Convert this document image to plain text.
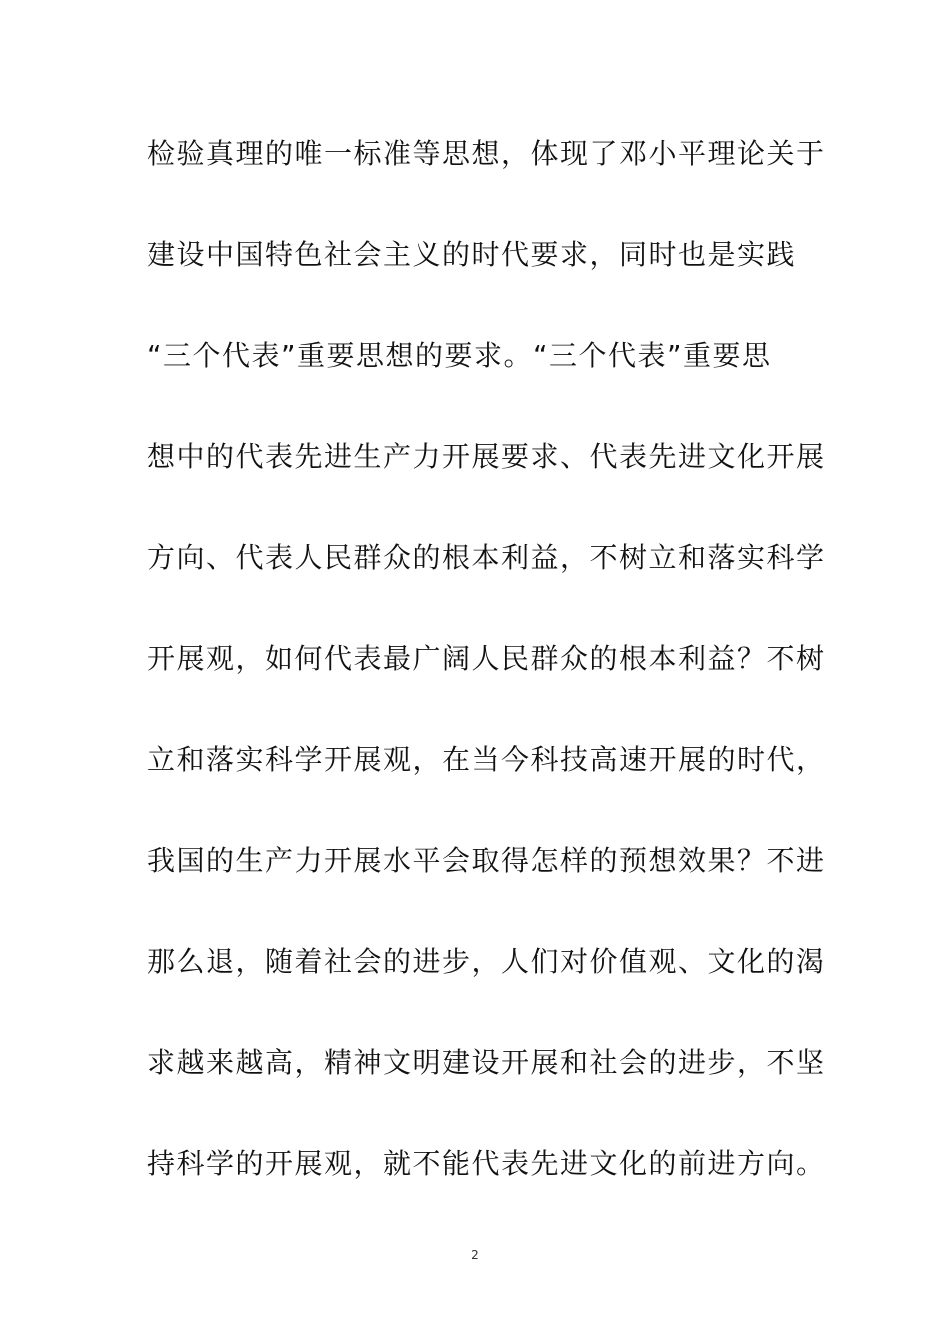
检验真理的唯一标准等思想，体现了邓小平理论关于
建设中国特色社会主义的时代要求，同时也是实践
“三个代表”重要思想的要求。“三个代表”重要思
想中的代表先进生产力开展要求、代表先进文化开展
方向、代表人民群众的根本利益，不树立和落实科学
开展观，如何代表最广阔人民群众的根本利益？不树
立和落实科学开展观，在当今科技高速开展的时代，
我国的生产力开展水平会取得怎样的预想效果？不进
那么退，随着社会的进步，人们对价值观、文化的渴
求越来越高，精神文明建设开展和社会的进步，不坚
持科学的开展观，就不能代表先进文化的前进方向。
2
